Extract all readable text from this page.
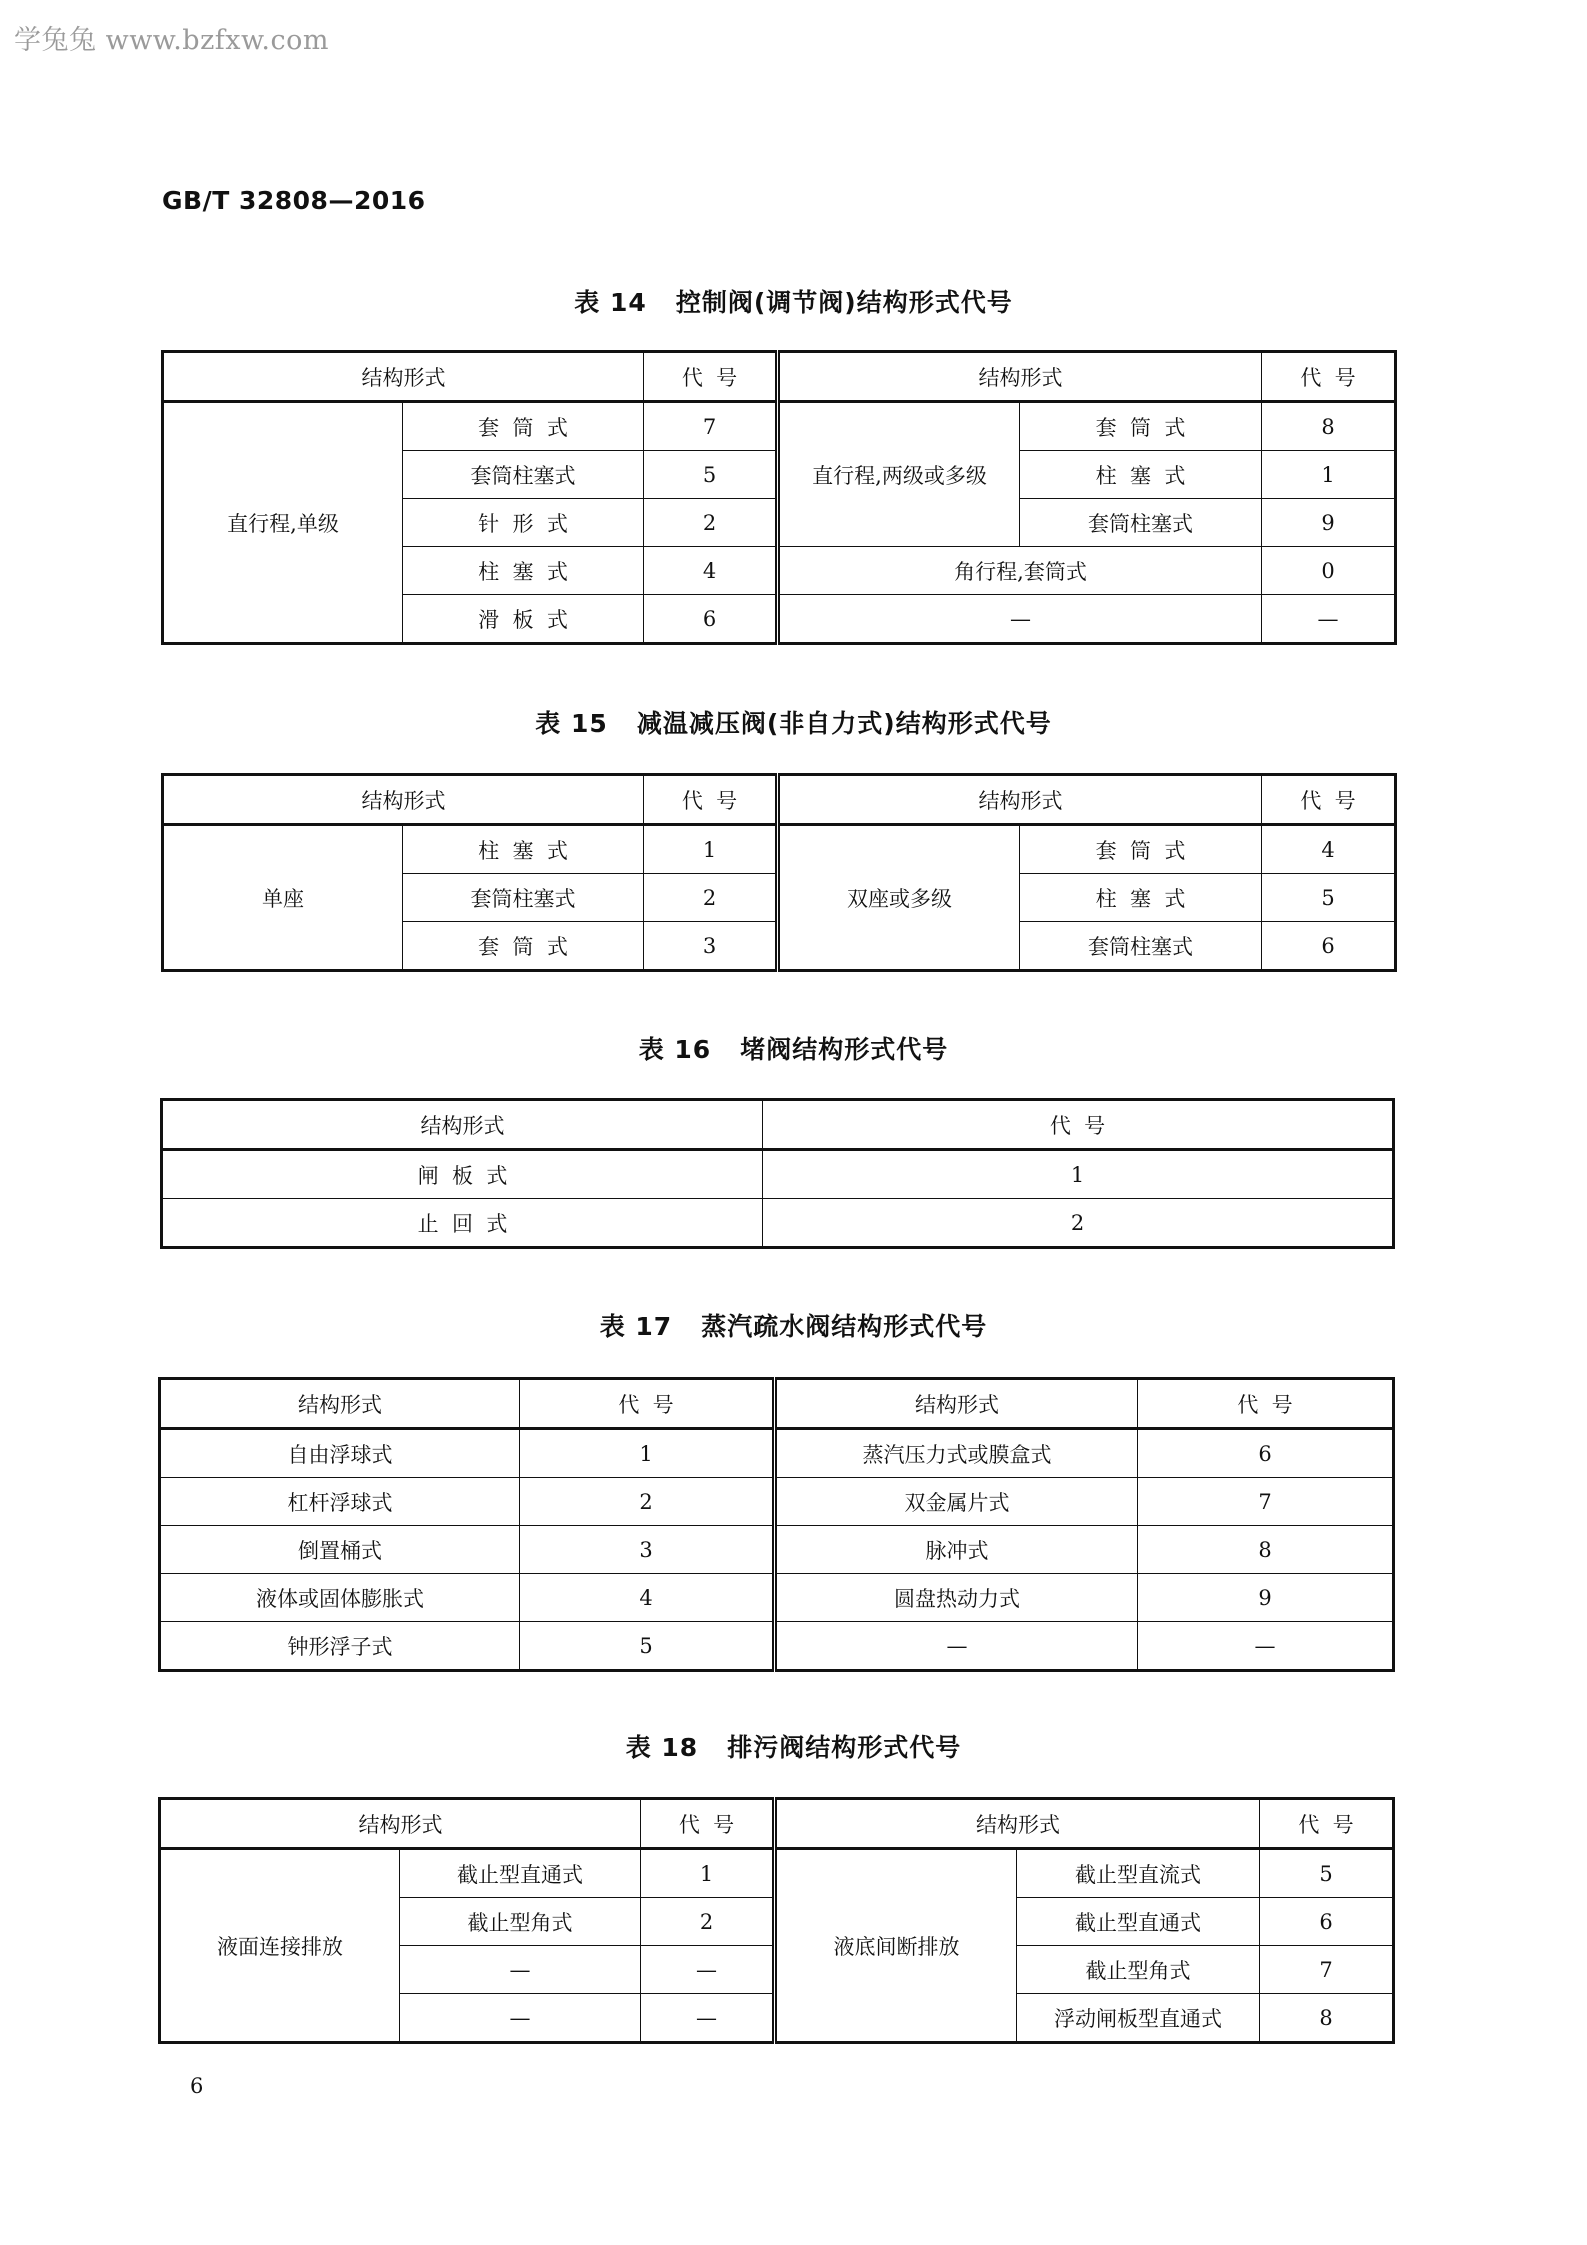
学兔兔 www.bzfxw.com
GB/T 32808—2016
表 14   控制阀(调节阀)结构形式代号
结构形式		代  号	结构形式		代  号
直行程,单级	套  筒  式	7	直行程,两级或多级	套  筒  式	8
	套筒柱塞式	5		柱  塞  式	1
	针  形  式	2		套筒柱塞式	9
	柱  塞  式	4	角行程,套筒式		0
	滑  板  式	6	—		—
表 15   减温减压阀(非自力式)结构形式代号
结构形式		代  号	结构形式		代  号
单座	柱  塞  式	1	双座或多级	套  筒  式	4
	套筒柱塞式	2		柱  塞  式	5
	套  筒  式	3		套筒柱塞式	6
表 16   堵阀结构形式代号
结构形式	代  号
闸  板  式	1
止  回  式	2
表 17   蒸汽疏水阀结构形式代号
结构形式	代  号	结构形式	代  号
自由浮球式	1	蒸汽压力式或膜盒式	6
杠杆浮球式	2	双金属片式	7
倒置桶式	3	脉冲式	8
液体或固体膨胀式	4	圆盘热动力式	9
钟形浮子式	5	—	—
表 18   排污阀结构形式代号
结构形式		代  号	结构形式		代  号
液面连接排放	截止型直通式	1	液底间断排放	截止型直流式	5
	截止型角式	2		截止型直通式	6
	—	—		截止型角式	7
	—	—		浮动闸板型直通式	8
6
